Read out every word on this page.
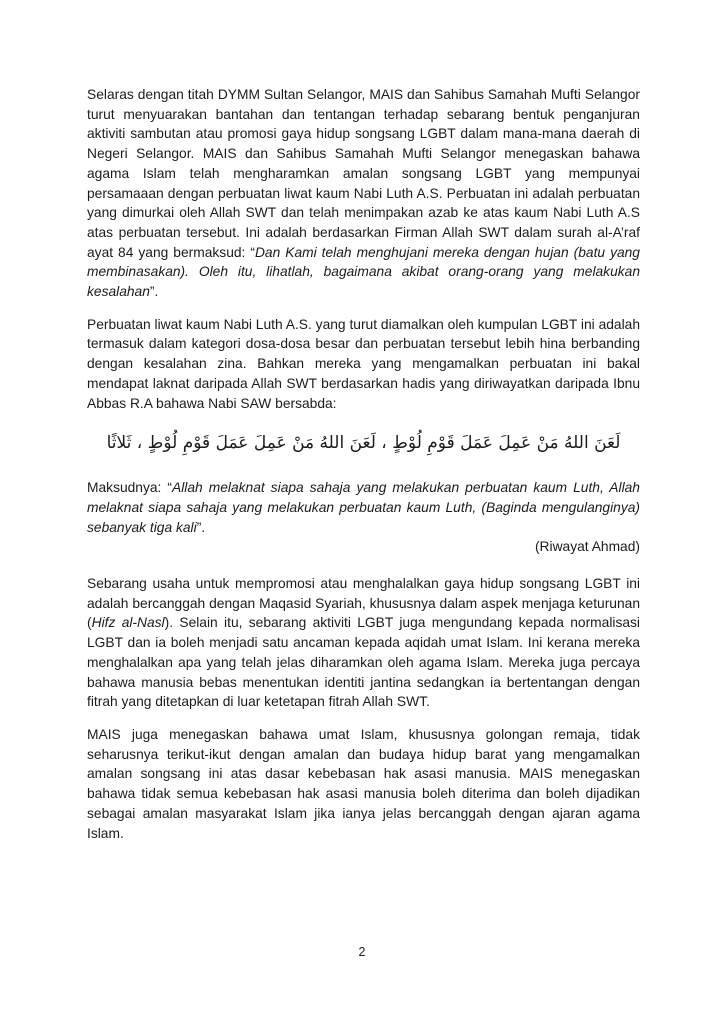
Selaras dengan titah DYMM Sultan Selangor, MAIS dan Sahibus Samahah Mufti Selangor turut menyuarakan bantahan dan tentangan terhadap sebarang bentuk penganjuran aktiviti sambutan atau promosi gaya hidup songsang LGBT dalam mana-mana daerah di Negeri Selangor. MAIS dan Sahibus Samahah Mufti Selangor menegaskan bahawa agama Islam telah mengharamkan amalan songsang LGBT yang mempunyai persamaaan dengan perbuatan liwat kaum Nabi Luth A.S. Perbuatan ini adalah perbuatan yang dimurkai oleh Allah SWT dan telah menimpakan azab ke atas kaum Nabi Luth A.S atas perbuatan tersebut. Ini adalah berdasarkan Firman Allah SWT dalam surah al-A’raf ayat 84 yang bermaksud: “Dan Kami telah menghujani mereka dengan hujan (batu yang membinasakan). Oleh itu, lihatlah, bagaimana akibat orang-orang yang melakukan kesalahan”.

Perbuatan liwat kaum Nabi Luth A.S. yang turut diamalkan oleh kumpulan LGBT ini adalah termasuk dalam kategori dosa-dosa besar dan perbuatan tersebut lebih hina berbanding dengan kesalahan zina. Bahkan mereka yang mengamalkan perbuatan ini bakal mendapat laknat daripada Allah SWT berdasarkan hadis yang diriwayatkan daripada Ibnu Abbas R.A bahawa Nabi SAW bersabda:

لَعَنَ اللهُ مَنْ عَمِلَ عَمَلَ قَوْمِ لُوْطٍ ، لَعَنَ اللهُ مَنْ عَمِلَ عَمَلَ قَوْمِ لُوْطٍ ، ثَلاثًا

Maksudnya: “Allah melaknat siapa sahaja yang melakukan perbuatan kaum Luth, Allah melaknat siapa sahaja yang melakukan perbuatan kaum Luth, (Baginda mengulanginya) sebanyak tiga kali”.

(Riwayat Ahmad)

Sebarang usaha untuk mempromosi atau menghalalkan gaya hidup songsang LGBT ini adalah bercanggah dengan Maqasid Syariah, khususnya dalam aspek menjaga keturunan (Hifz al-Nasl). Selain itu, sebarang aktiviti LGBT juga mengundang kepada normalisasi LGBT dan ia boleh menjadi satu ancaman kepada aqidah umat Islam. Ini kerana mereka menghalalkan apa yang telah jelas diharamkan oleh agama Islam. Mereka juga percaya bahawa manusia bebas menentukan identiti jantina sedangkan ia bertentangan dengan fitrah yang ditetapkan di luar ketetapan fitrah Allah SWT.

MAIS juga menegaskan bahawa umat Islam, khususnya golongan remaja, tidak seharusnya terikut-ikut dengan amalan dan budaya hidup barat yang mengamalkan amalan songsang ini atas dasar kebebasan hak asasi manusia. MAIS menegaskan bahawa tidak semua kebebasan hak asasi manusia boleh diterima dan boleh dijadikan sebagai amalan masyarakat Islam jika ianya jelas bercanggah dengan ajaran agama Islam.

2
